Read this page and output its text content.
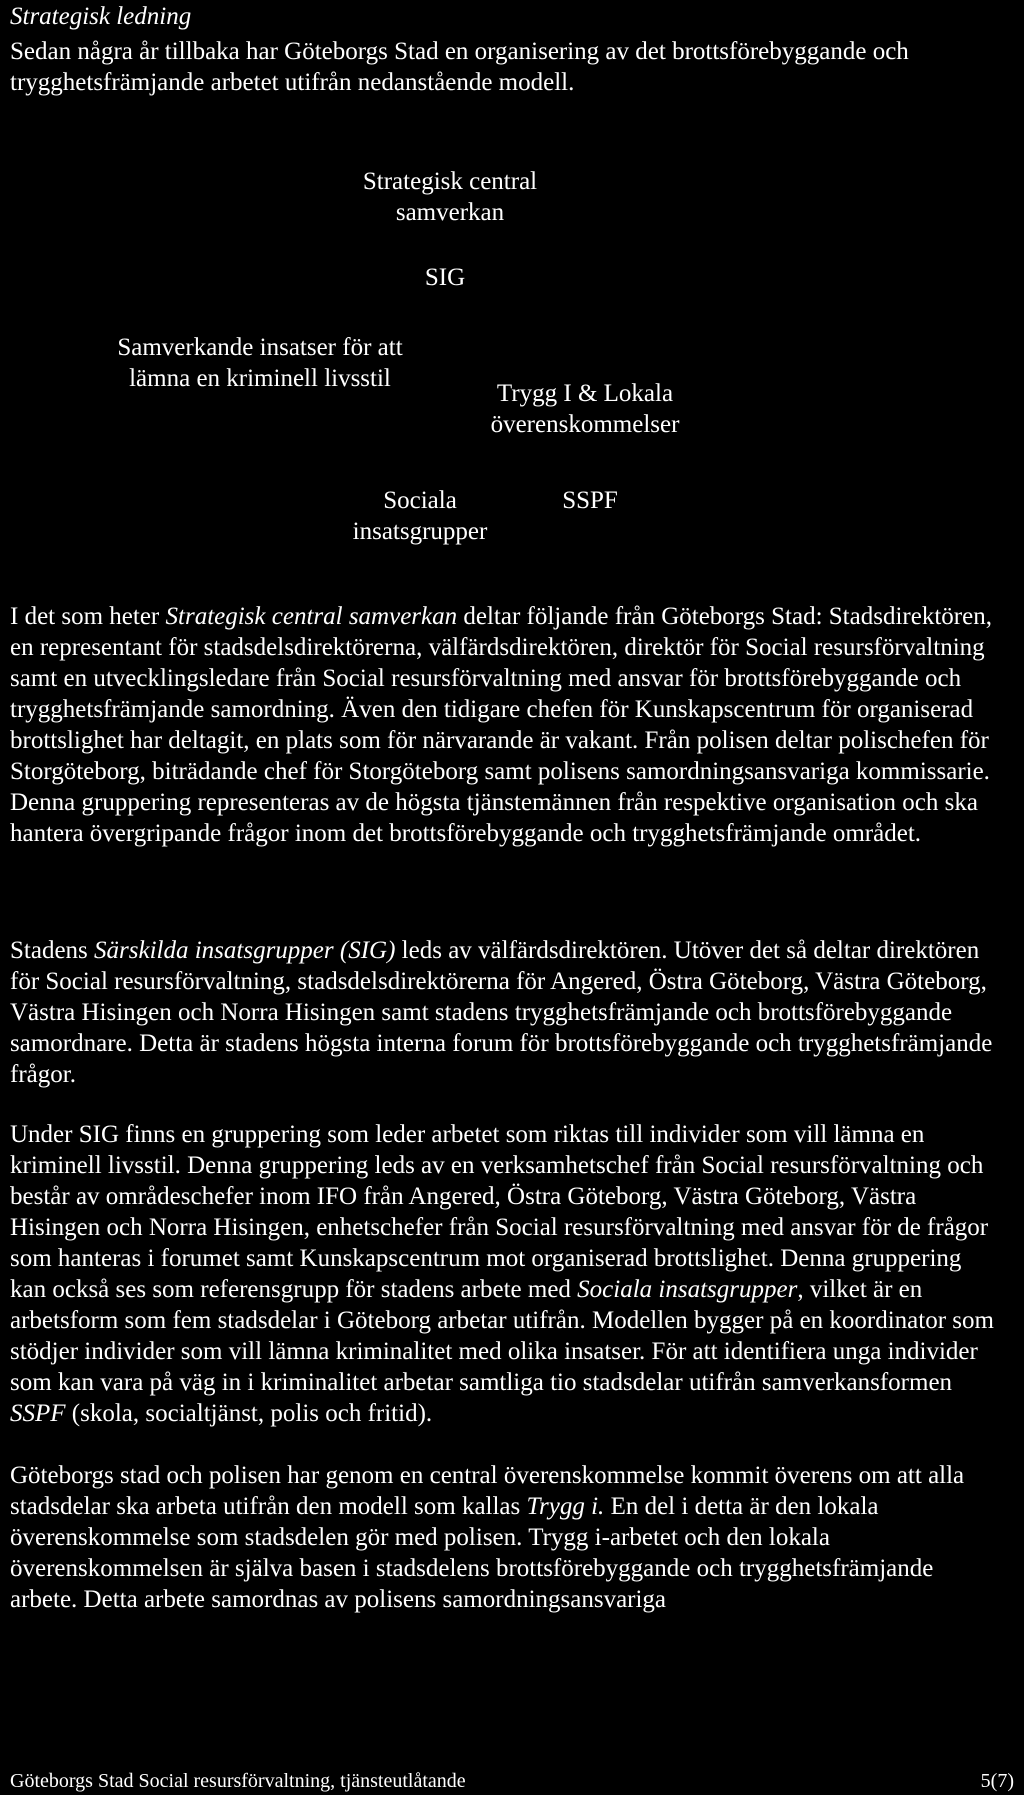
Strategisk ledning

Sedan några år tillbaka har Göteborgs Stad en organisering av det brottsförebyggande och trygghetsfrämjande arbetet utifrån nedanstående modell.

Strategisk central samverkan
SIG
Samverkande insatser för att lämna en kriminell livsstil
Trygg I & Lokala överenskommelser
Sociala insatsgrupper
SSPF

I det som heter Strategisk central samverkan deltar följande från Göteborgs Stad: Stadsdirektören, en representant för stadsdelsdirektörerna, välfärdsdirektören, direktör för Social resursförvaltning samt en utvecklingsledare från Social resursförvaltning med ansvar för brottsförebyggande och trygghetsfrämjande samordning. Även den tidigare chefen för Kunskapscentrum för organiserad brottslighet har deltagit, en plats som för närvarande är vakant. Från polisen deltar polischefen för Storgöteborg, biträdande chef för Storgöteborg samt polisens samordningsansvariga kommissarie. Denna gruppering representeras av de högsta tjänstemännen från respektive organisation och ska hantera övergripande frågor inom det brottsförebyggande och trygghetsfrämjande området.

Stadens Särskilda insatsgrupper (SIG) leds av välfärdsdirektören. Utöver det så deltar direktören för Social resursförvaltning, stadsdelsdirektörerna för Angered, Östra Göteborg, Västra Göteborg, Västra Hisingen och Norra Hisingen samt stadens trygghetsfrämjande och brottsförebyggande samordnare. Detta är stadens högsta interna forum för brottsförebyggande och trygghetsfrämjande frågor.

Under SIG finns en gruppering som leder arbetet som riktas till individer som vill lämna en kriminell livsstil. Denna gruppering leds av en verksamhetschef från Social resursförvaltning och består av områdeschefer inom IFO från Angered, Östra Göteborg, Västra Göteborg, Västra Hisingen och Norra Hisingen, enhetschefer från Social resursförvaltning med ansvar för de frågor som hanteras i forumet samt Kunskapscentrum mot organiserad brottslighet. Denna gruppering kan också ses som referensgrupp för stadens arbete med Sociala insatsgrupper, vilket är en arbetsform som fem stadsdelar i Göteborg arbetar utifrån. Modellen bygger på en koordinator som stödjer individer som vill lämna kriminalitet med olika insatser. För att identifiera unga individer som kan vara på väg in i kriminalitet arbetar samtliga tio stadsdelar utifrån samverkansformen SSPF (skola, socialtjänst, polis och fritid).

Göteborgs stad och polisen har genom en central överenskommelse kommit överens om att alla stadsdelar ska arbeta utifrån den modell som kallas Trygg i. En del i detta är den lokala överenskommelse som stadsdelen gör med polisen. Trygg i-arbetet och den lokala överenskommelsen är själva basen i stadsdelens brottsförebyggande och trygghetsfrämjande arbete. Detta arbete samordnas av polisens samordningsansvariga

Göteborgs Stad Social resursförvaltning, tjänsteutlåtande	5(7)
